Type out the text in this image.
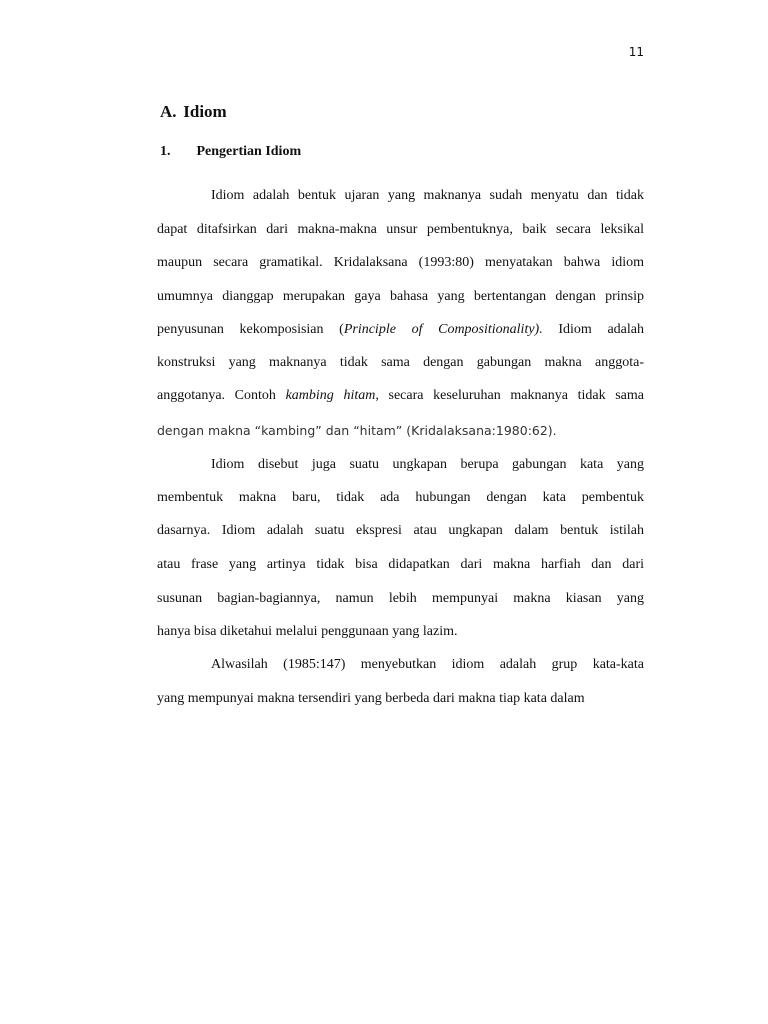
11
A. Idiom
1. Pengertian Idiom
Idiom adalah bentuk ujaran yang maknanya sudah menyatu dan tidak
dapat ditafsirkan dari makna-makna unsur pembentuknya, baik secara leksikal
maupun secara gramatikal. Kridalaksana (1993:80) menyatakan bahwa idiom
umumnya dianggap merupakan gaya bahasa yang bertentangan dengan prinsip
penyusunan kekomposisian (Principle of Compositionality). Idiom adalah
konstruksi yang maknanya tidak sama dengan gabungan makna anggota-
anggotanya. Contoh kambing hitam, secara keseluruhan maknanya tidak sama
dengan makna “kambing” dan “hitam” (Kridalaksana:1980:62).
Idiom disebut juga suatu ungkapan berupa gabungan kata yang
membentuk makna baru, tidak ada hubungan dengan kata pembentuk
dasarnya. Idiom adalah suatu ekspresi atau ungkapan dalam bentuk istilah
atau frase yang artinya tidak bisa didapatkan dari makna harfiah dan dari
susunan bagian-bagiannya, namun lebih mempunyai makna kiasan yang
hanya bisa diketahui melalui penggunaan yang lazim.
Alwasilah (1985:147) menyebutkan idiom adalah grup kata-kata
yang mempunyai makna tersendiri yang berbeda dari makna tiap kata dalam
